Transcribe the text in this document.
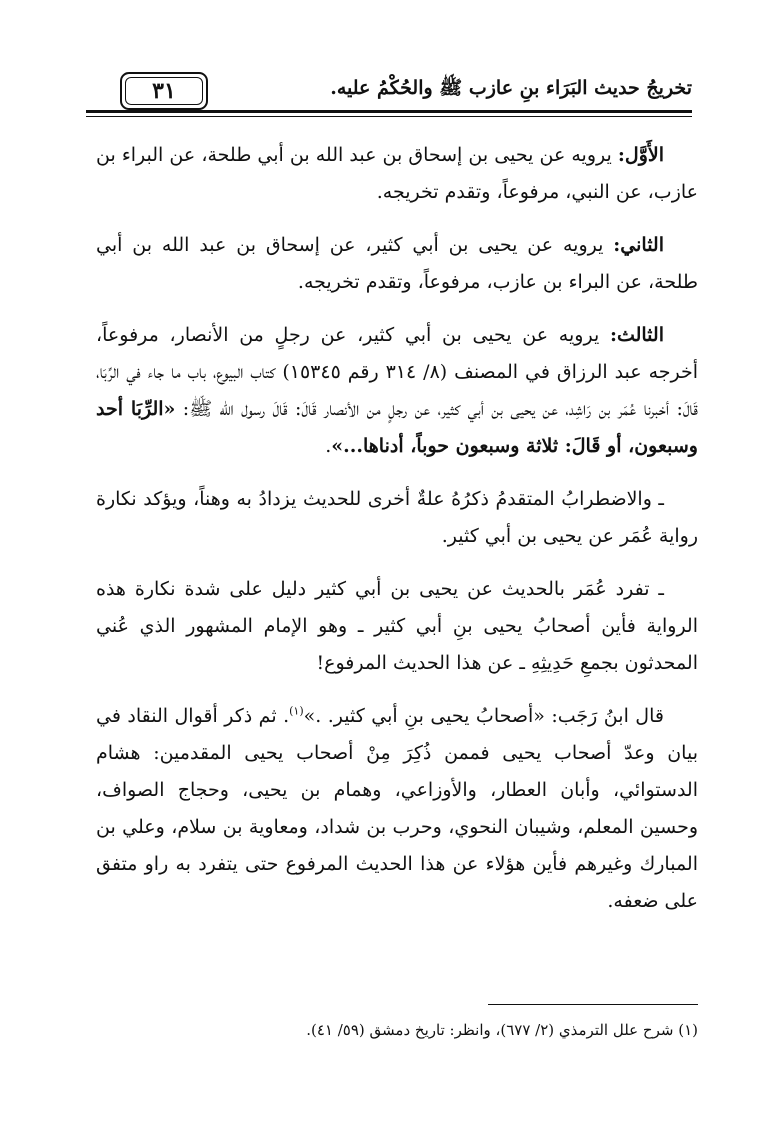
تخريجُ حديث البَرَاء بنِ عازب ﷺ والحُكْمُ عليه.
٣١

الأَوَّل: يرويه عن يحيى بن إسحاق بن عبد الله بن أبي طلحة، عن البراء بن عازب، عن النبي، مرفوعاً، وتقدم تخريجه.

الثاني: يرويه عن يحيى بن أبي كثير، عن إسحاق بن عبد الله بن أبي طلحة، عن البراء بن عازب، مرفوعاً، وتقدم تخريجه.

الثالث: يرويه عن يحيى بن أبي كثير، عن رجلٍ من الأنصار، مرفوعاً، أخرجه عبد الرزاق في المصنف (٨/ ٣١٤ رقم ١٥٣٤٥) كتاب البيوع، باب ما جاء في الرِّبَا، قَالَ: أخبرنا عُمَر بن رَاشِد، عن يحيى بن أبي كثير، عن رجلٍ من الأنصار قَالَ: قَالَ رسول الله ﷺ: «الرِّبَا أحد وسبعون، أو قَالَ: ثلاثة وسبعون حوباً، أدناها...».

ـ والاضطرابُ المتقدمُ ذكرُهُ علةٌ أخرى للحديث يزدادُ به وهناً، ويؤكد نكارة رواية عُمَر عن يحيى بن أبي كثير.

ـ تفرد عُمَر بالحديث عن يحيى بن أبي كثير دليل على شدة نكارة هذه الرواية فأين أصحابُ يحيى بنِ أبي كثير ـ وهو الإمام المشهور الذي عُني المحدثون بجمعِ حَدِيثِهِ ـ عن هذا الحديث المرفوع!

قال ابنُ رَجَب: «أصحابُ يحيى بنِ أبي كثير. .»$^{(١)}$. ثم ذكر أقوال النقاد في بيان وعدّ أصحاب يحيى فممن ذُكِرَ مِنْ أصحاب يحيى المقدمين: هشام الدستوائي، وأبان العطار، والأوزاعي، وهمام بن يحيى، وحجاج الصواف، وحسين المعلم، وشيبان النحوي، وحرب بن شداد، ومعاوية بن سلام، وعلي بن المبارك وغيرهم فأين هؤلاء عن هذا الحديث المرفوع حتى يتفرد به راو متفق على ضعفه.

(١) شرح علل الترمذي (٢/ ٦٧٧)، وانظر: تاريخ دمشق (٥٩/ ٤١).
